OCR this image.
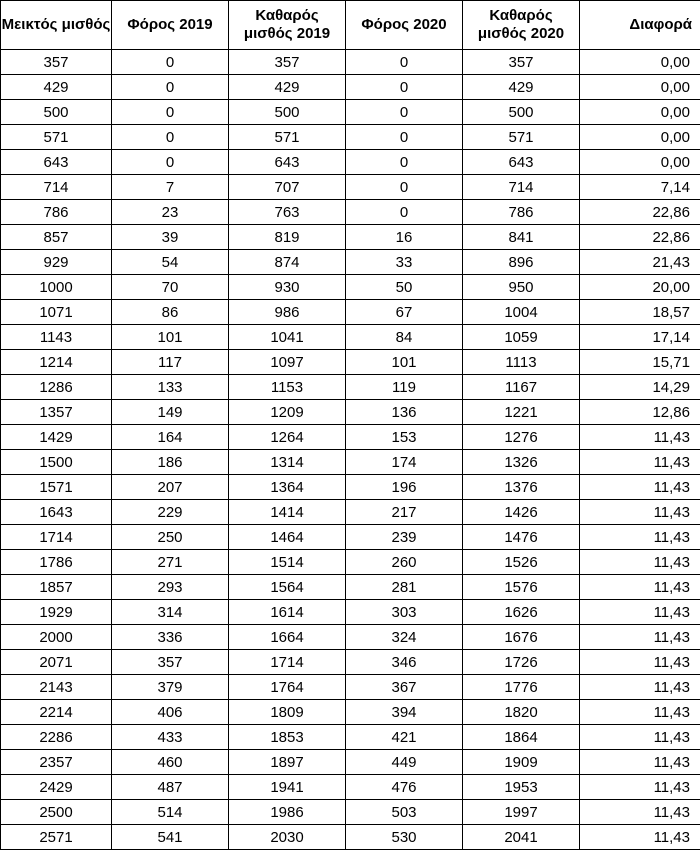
Μεικτός μισθός	Φόρος 2019	Καθαρός μισθός 2019	Φόρος 2020	Καθαρός μισθός 2020	Διαφορά
357	0	357	0	357	0,00
429	0	429	0	429	0,00
500	0	500	0	500	0,00
571	0	571	0	571	0,00
643	0	643	0	643	0,00
714	7	707	0	714	7,14
786	23	763	0	786	22,86
857	39	819	16	841	22,86
929	54	874	33	896	21,43
1000	70	930	50	950	20,00
1071	86	986	67	1004	18,57
1143	101	1041	84	1059	17,14
1214	117	1097	101	1113	15,71
1286	133	1153	119	1167	14,29
1357	149	1209	136	1221	12,86
1429	164	1264	153	1276	11,43
1500	186	1314	174	1326	11,43
1571	207	1364	196	1376	11,43
1643	229	1414	217	1426	11,43
1714	250	1464	239	1476	11,43
1786	271	1514	260	1526	11,43
1857	293	1564	281	1576	11,43
1929	314	1614	303	1626	11,43
2000	336	1664	324	1676	11,43
2071	357	1714	346	1726	11,43
2143	379	1764	367	1776	11,43
2214	406	1809	394	1820	11,43
2286	433	1853	421	1864	11,43
2357	460	1897	449	1909	11,43
2429	487	1941	476	1953	11,43
2500	514	1986	503	1997	11,43
2571	541	2030	530	2041	11,43
